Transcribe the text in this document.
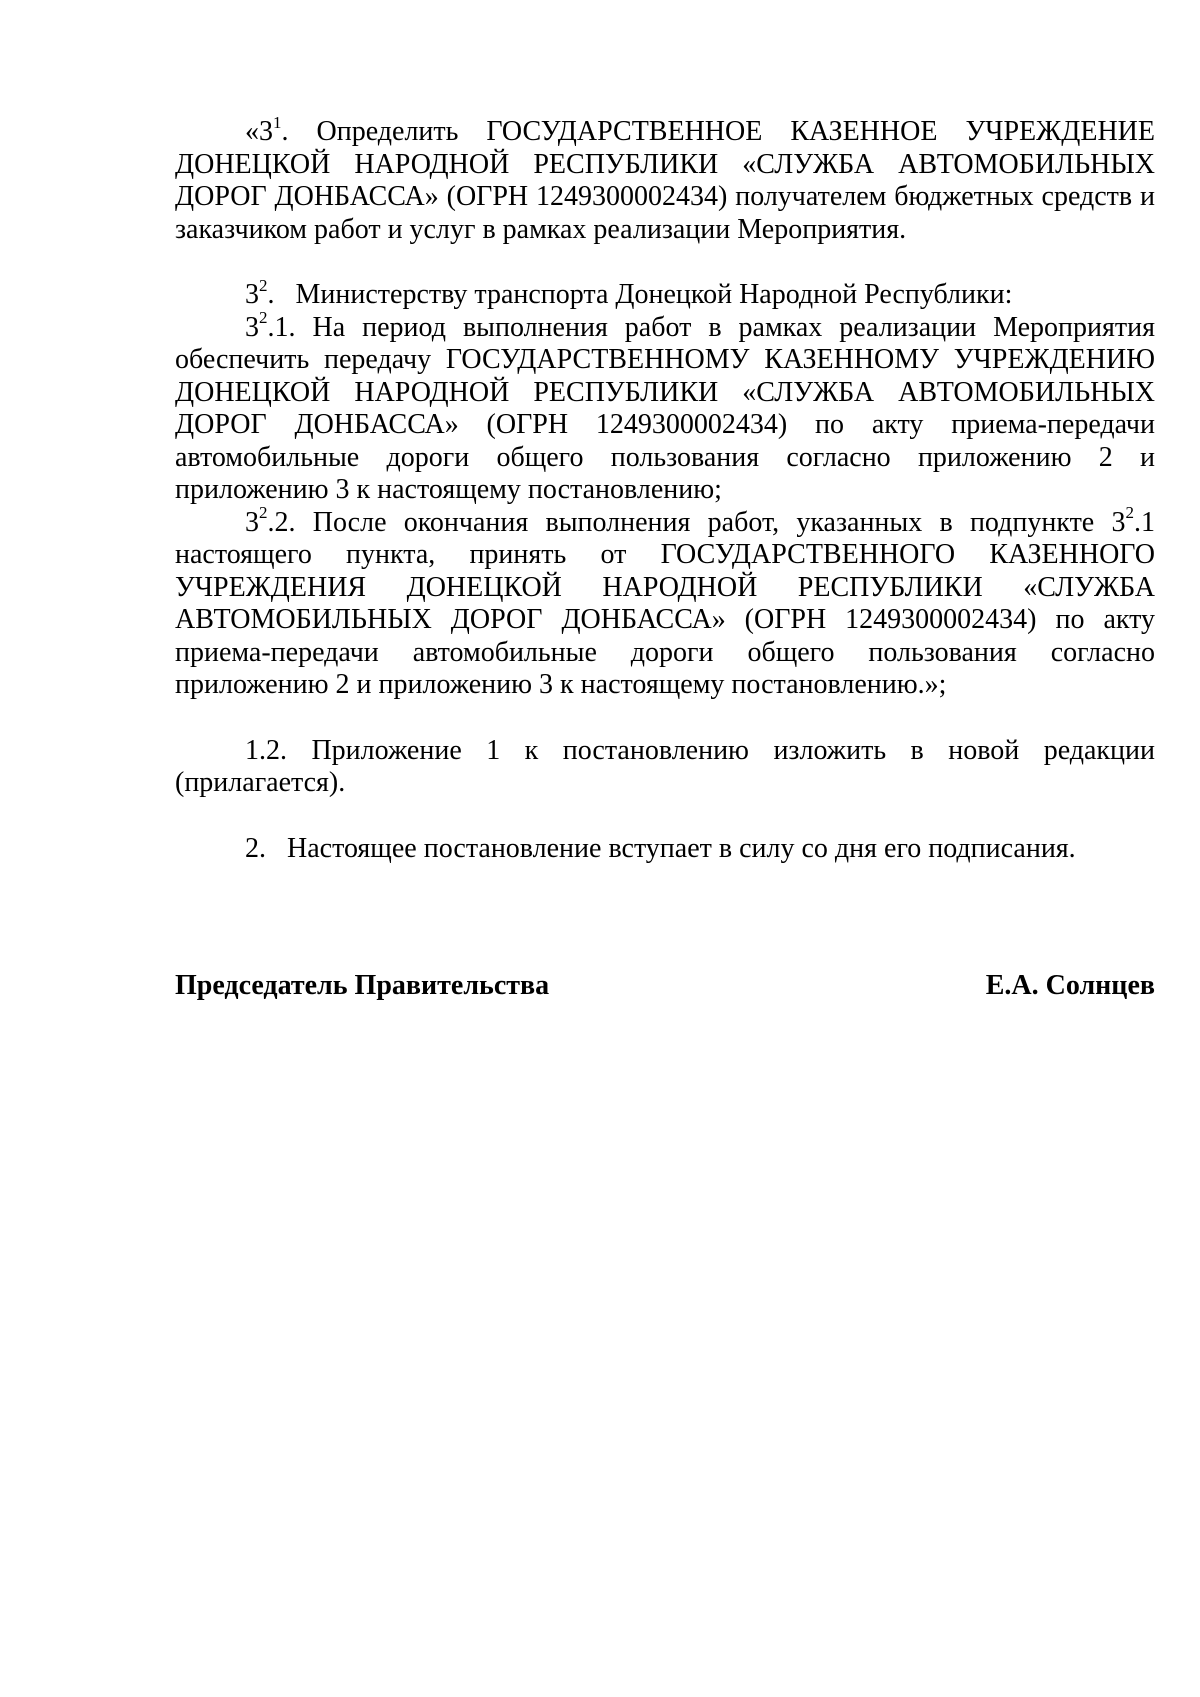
«$3^1$. Определить ГОСУДАРСТВЕННОЕ КАЗЕННОЕ УЧРЕЖДЕНИЕ ДОНЕЦКОЙ НАРОДНОЙ РЕСПУБЛИКИ «СЛУЖБА АВТОМОБИЛЬНЫХ ДОРОГ ДОНБАССА» (ОГРН 1249300002434) получателем бюджетных средств и заказчиком работ и услуг в рамках реализации Мероприятия.

$3^2$.   Министерству транспорта Донецкой Народной Республики:

$3^2.1$. На период выполнения работ в рамках реализации Мероприятия обеспечить передачу ГОСУДАРСТВЕННОМУ КАЗЕННОМУ УЧРЕЖДЕНИЮ ДОНЕЦКОЙ НАРОДНОЙ РЕСПУБЛИКИ «СЛУЖБА АВТОМОБИЛЬНЫХ ДОРОГ ДОНБАССА» (ОГРН 1249300002434) по акту приема-передачи автомобильные дороги общего пользования согласно приложению 2 и приложению 3 к настоящему постановлению;

$3^2.2$. После окончания выполнения работ, указанных в подпункте $3^2.1$ настоящего пункта, принять от ГОСУДАРСТВЕННОГО КАЗЕННОГО УЧРЕЖДЕНИЯ ДОНЕЦКОЙ НАРОДНОЙ РЕСПУБЛИКИ «СЛУЖБА АВТОМОБИЛЬНЫХ ДОРОГ ДОНБАССА» (ОГРН 1249300002434) по акту приема-передачи автомобильные дороги общего пользования согласно приложению 2 и приложению 3 к настоящему постановлению.»;

1.2. Приложение 1 к постановлению изложить в новой редакции (прилагается).

2.   Настоящее постановление вступает в силу со дня его подписания.

Председатель Правительства	Е.А. Солнцев
